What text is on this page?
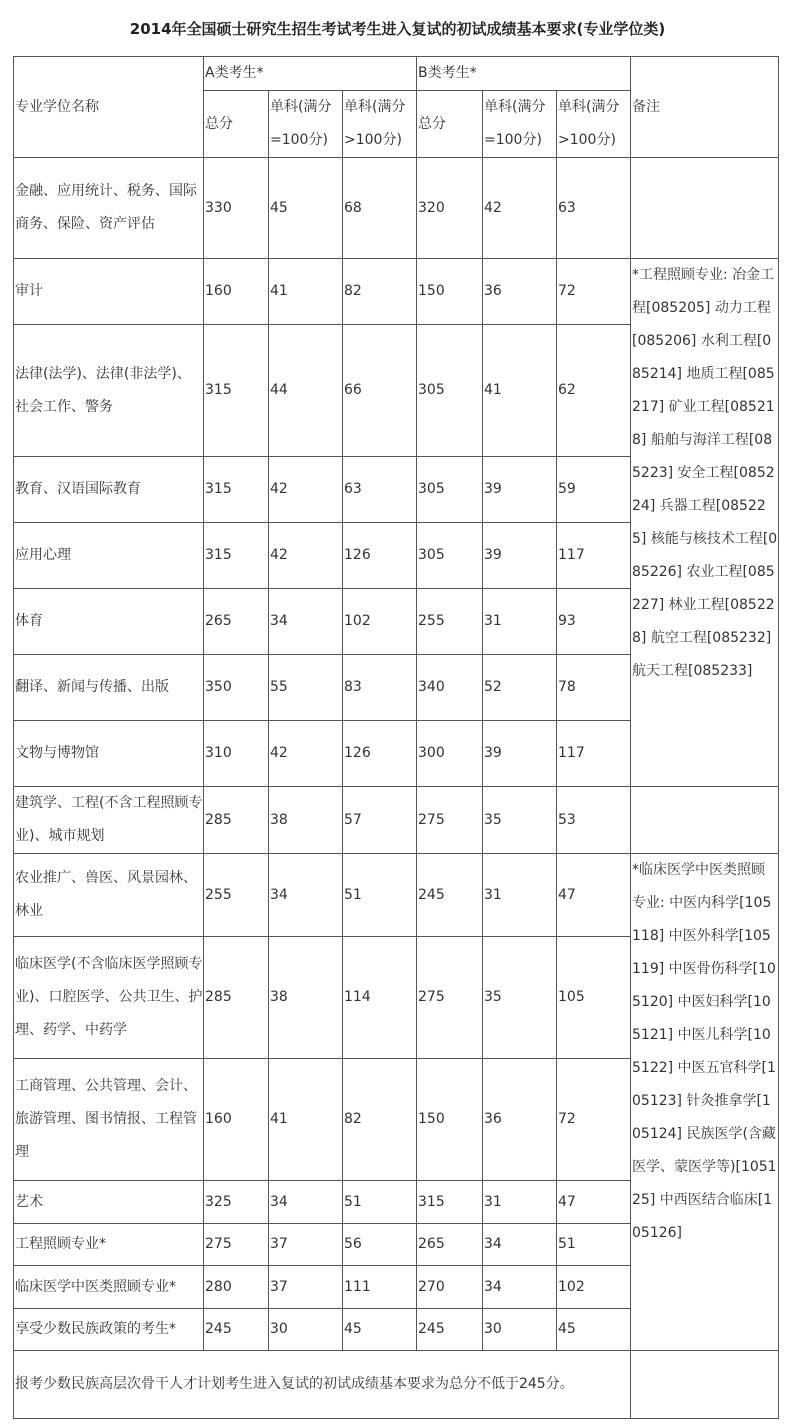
2014年全国硕士研究生招生考试考生进入复试的初试成绩基本要求(专业学位类)
专业学位名称	A类考生*			B类考生*			备注
	总分	单科(满分=100分)	单科(满分>100分)	总分	单科(满分=100分)	单科(满分>100分)	
金融、应用统计、税务、国际商务、保险、资产评估	330	45	68	320	42	63	
审计	160	41	82	150	36	72	*工程照顾专业: 冶金工程[085205] 动力工程[085206] 水利工程[085214] 地质工程[085217] 矿业工程[085218] 船舶与海洋工程[085223] 安全工程[085224] 兵器工程[085225] 核能与核技术工程[085226] 农业工程[085227] 林业工程[085228] 航空工程[085232] 航天工程[085233]
法律(法学)、法律(非法学)、社会工作、警务	315	44	66	305	41	62	
教育、汉语国际教育	315	42	63	305	39	59	
应用心理	315	42	126	305	39	117	
体育	265	34	102	255	31	93	
翻译、新闻与传播、出版	350	55	83	340	52	78	
文物与博物馆	310	42	126	300	39	117	
建筑学、工程(不含工程照顾专业)、城市规划	285	38	57	275	35	53	
农业推广、兽医、风景园林、林业	255	34	51	245	31	47	*临床医学中医类照顾专业: 中医内科学[105118] 中医外科学[105119] 中医骨伤科学[105120] 中医妇科学[105121] 中医儿科学[105122] 中医五官科学[105123] 针灸推拿学[105124] 民族医学(含藏医学、蒙医学等)[105125] 中西医结合临床[105126]
临床医学(不含临床医学照顾专业)、口腔医学、公共卫生、护理、药学、中药学	285	38	114	275	35	105	
工商管理、公共管理、会计、旅游管理、图书情报、工程管理	160	41	82	150	36	72	
艺术	325	34	51	315	31	47	
工程照顾专业*	275	37	56	265	34	51	
临床医学中医类照顾专业*	280	37	111	270	34	102	
享受少数民族政策的考生*	245	30	45	245	30	45	
报考少数民族高层次骨干人才计划考生进入复试的初试成绩基本要求为总分不低于245分。							
